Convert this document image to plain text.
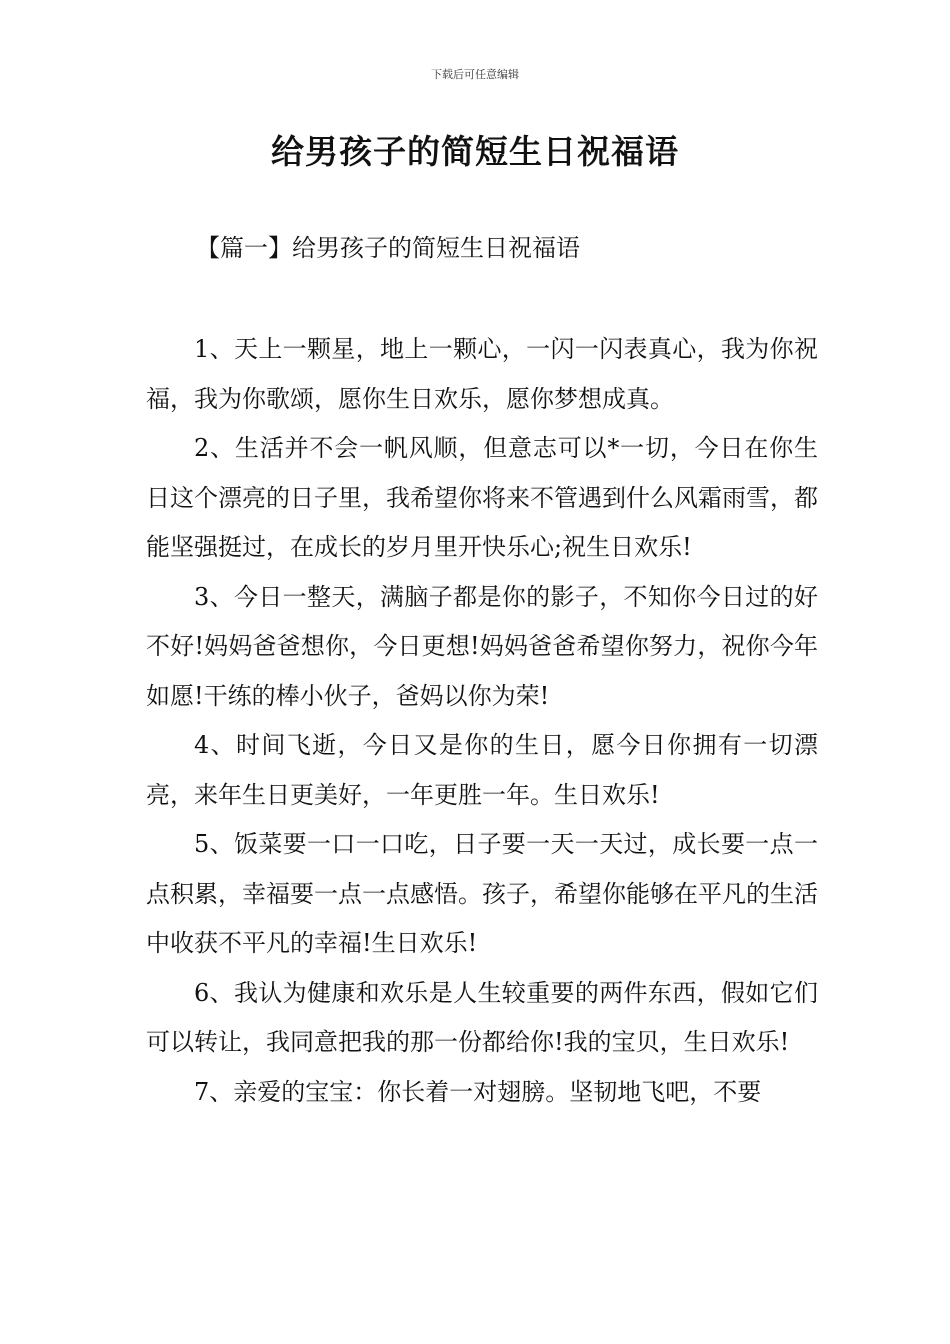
下载后可任意编辑
给男孩子的简短生日祝福语
【篇一】给男孩子的简短生日祝福语

1、天上一颗星，地上一颗心，一闪一闪表真心，我为你祝福，我为你歌颂，愿你生日欢乐，愿你梦想成真。

2、生活并不会一帆风顺，但意志可以*一切，今日在你生日这个漂亮的日子里，我希望你将来不管遇到什么风霜雨雪，都能坚强挺过，在成长的岁月里开快乐心;祝生日欢乐!

3、今日一整天，满脑子都是你的影子，不知你今日过的好不好!妈妈爸爸想你，今日更想!妈妈爸爸希望你努力，祝你今年如愿!干练的棒小伙子，爸妈以你为荣!

4、时间飞逝，今日又是你的生日，愿今日你拥有一切漂亮，来年生日更美好，一年更胜一年。生日欢乐!

5、饭菜要一口一口吃，日子要一天一天过，成长要一点一点积累，幸福要一点一点感悟。孩子，希望你能够在平凡的生活中收获不平凡的幸福!生日欢乐!

6、我认为健康和欢乐是人生较重要的两件东西，假如它们可以转让，我同意把我的那一份都给你!我的宝贝，生日欢乐!

7、亲爱的宝宝：你长着一对翅膀。坚韧地飞吧，不要
